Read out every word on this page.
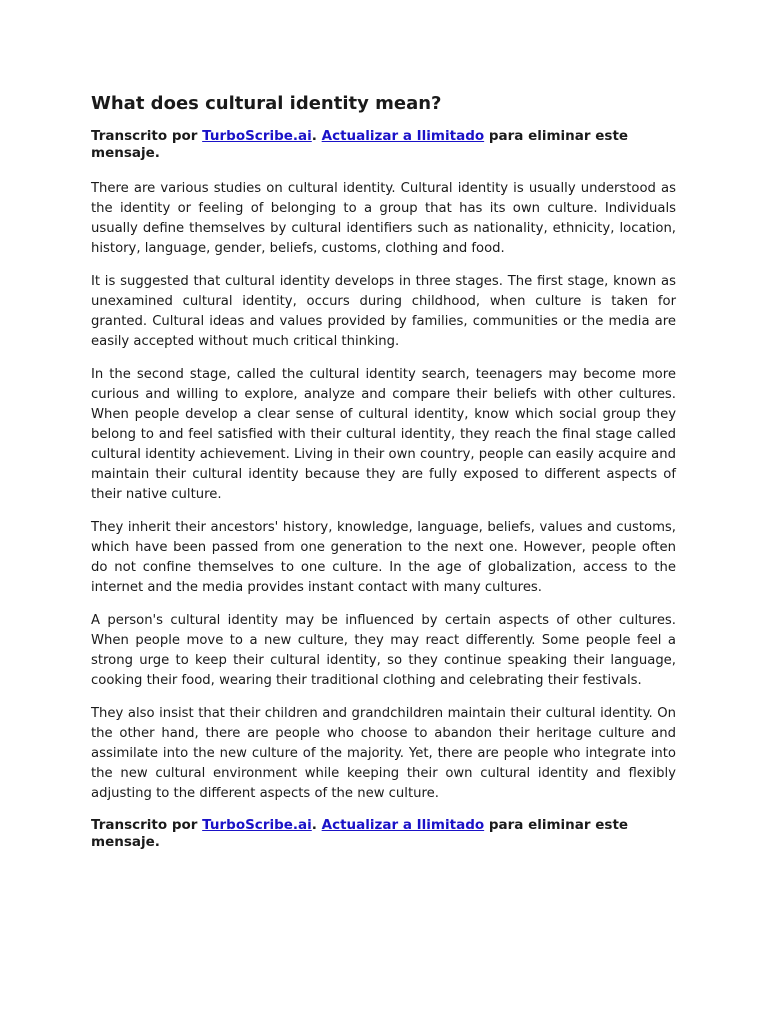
What does cultural identity mean?

Transcrito por TurboScribe.ai. Actualizar a Ilimitado para eliminar este mensaje.

There are various studies on cultural identity. Cultural identity is usually understood as the identity or feeling of belonging to a group that has its own culture. Individuals usually define themselves by cultural identifiers such as nationality, ethnicity, location, history, language, gender, beliefs, customs, clothing and food.

It is suggested that cultural identity develops in three stages. The first stage, known as unexamined cultural identity, occurs during childhood, when culture is taken for granted. Cultural ideas and values provided by families, communities or the media are easily accepted without much critical thinking.

In the second stage, called the cultural identity search, teenagers may become more curious and willing to explore, analyze and compare their beliefs with other cultures. When people develop a clear sense of cultural identity, know which social group they belong to and feel satisfied with their cultural identity, they reach the final stage called cultural identity achievement. Living in their own country, people can easily acquire and maintain their cultural identity because they are fully exposed to different aspects of their native culture.

They inherit their ancestors' history, knowledge, language, beliefs, values and customs, which have been passed from one generation to the next one. However, people often do not confine themselves to one culture. In the age of globalization, access to the internet and the media provides instant contact with many cultures.

A person's cultural identity may be influenced by certain aspects of other cultures. When people move to a new culture, they may react differently. Some people feel a strong urge to keep their cultural identity, so they continue speaking their language, cooking their food, wearing their traditional clothing and celebrating their festivals.

They also insist that their children and grandchildren maintain their cultural identity. On the other hand, there are people who choose to abandon their heritage culture and assimilate into the new culture of the majority. Yet, there are people who integrate into the new cultural environment while keeping their own cultural identity and flexibly adjusting to the different aspects of the new culture.

Transcrito por TurboScribe.ai. Actualizar a Ilimitado para eliminar este mensaje.
